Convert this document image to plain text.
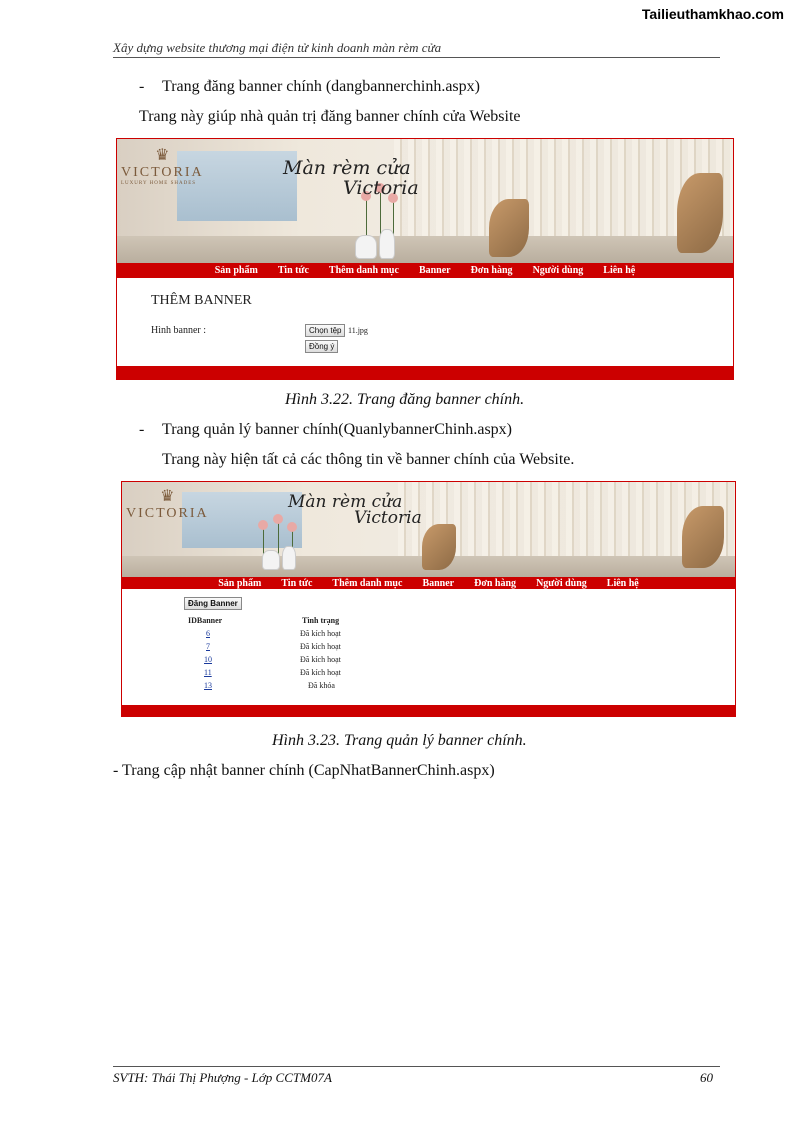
Tailieuthamkhao.com
Xây dựng website thương mại điện tử kinh doanh màn rèm cửa
- Trang đăng banner chính (dangbannerchinh.aspx)
Trang này giúp nhà quản trị đăng banner chính cửa Website
♛
VICTORIA
LUXURY HOME SHADES
Màn rèm cửa
Victoria
Sản phẩm	Tin tức	Thêm danh mục	Banner	Đơn hàng	Người dùng	Liên hệ
THÊM BANNER
Hình banner :	Chọn tệp 11.jpg
Đồng ý
Hình 3.22. Trang đăng banner chính.
- Trang quản lý banner chính(QuanlybannerChinh.aspx)
Trang này hiện tất cả các thông tin về banner chính của Website.
♛
VICTORIA
Màn rèm cửa
Victoria
Sản phẩm	Tin tức	Thêm danh mục	Banner	Đơn hàng	Người dùng	Liên hệ
Đăng Banner
IDBanner	Tình trạng
6	Đã kích hoạt
7	Đã kích hoạt
10	Đã kích hoạt
11	Đã kích hoạt
13	Đã khóa
Hình 3.23. Trang quản lý banner chính.
- Trang cập nhật banner chính (CapNhatBannerChinh.aspx)
SVTH: Thái Thị Phượng - Lớp CCTM07A	60
